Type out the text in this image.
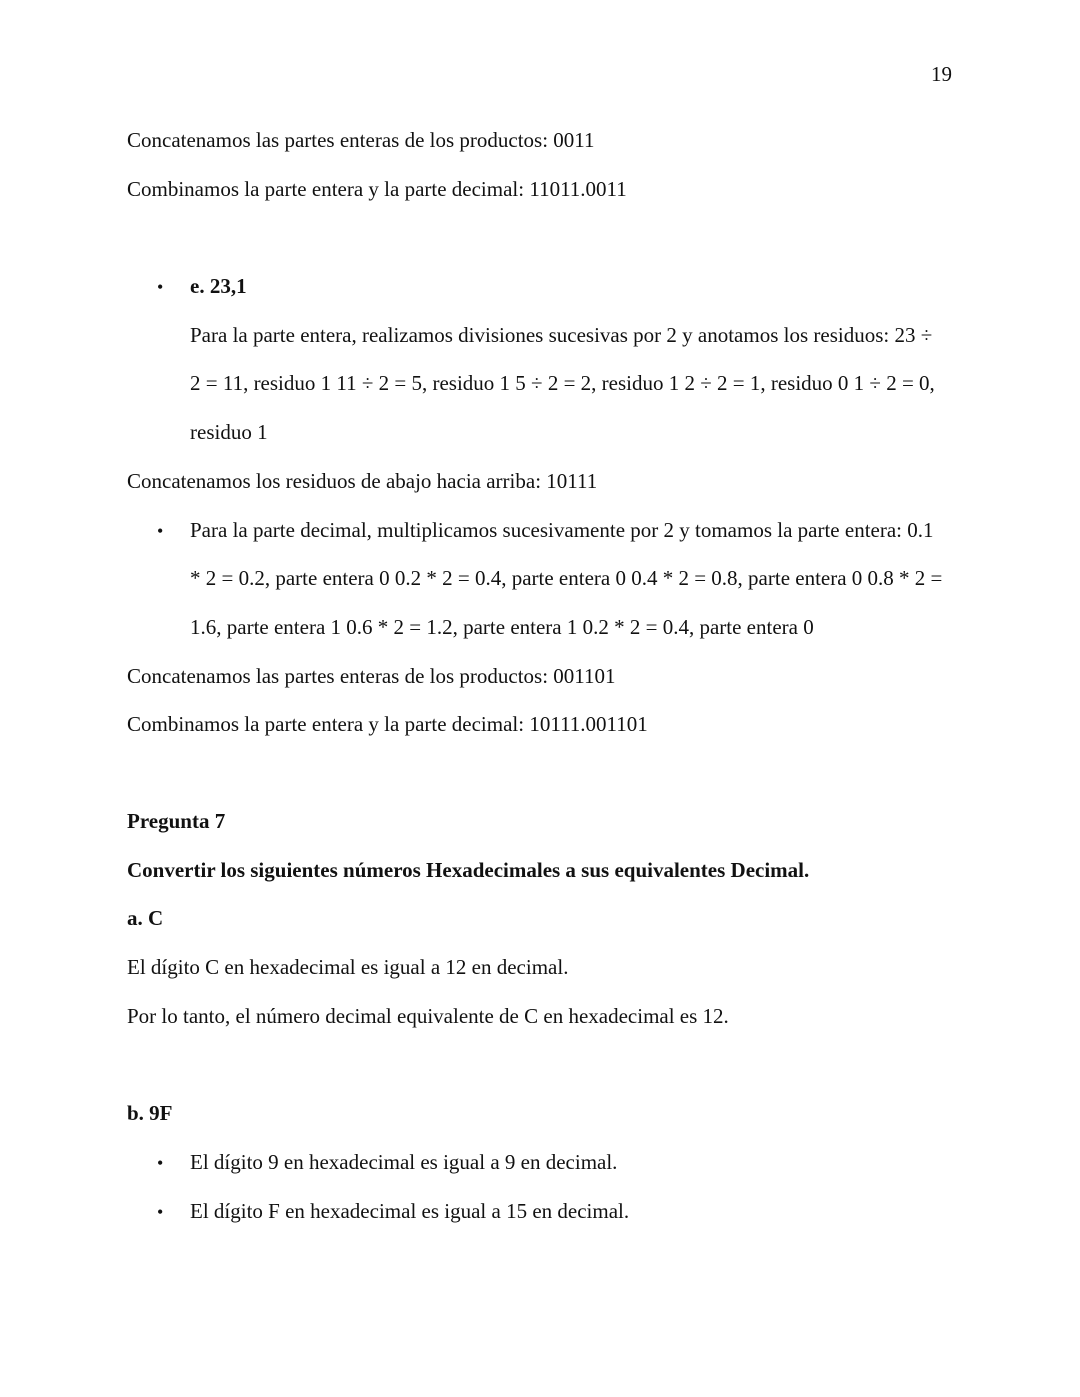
19
Concatenamos las partes enteras de los productos: 0011
Combinamos la parte entera y la parte decimal: 11011.0011
• e. 23,1
Para la parte entera, realizamos divisiones sucesivas por 2 y anotamos los residuos: 23 ÷
2 = 11, residuo 1 11 ÷ 2 = 5, residuo 1 5 ÷ 2 = 2, residuo 1 2 ÷ 2 = 1, residuo 0 1 ÷ 2 = 0,
residuo 1
Concatenamos los residuos de abajo hacia arriba: 10111
• Para la parte decimal, multiplicamos sucesivamente por 2 y tomamos la parte entera: 0.1
* 2 = 0.2, parte entera 0 0.2 * 2 = 0.4, parte entera 0 0.4 * 2 = 0.8, parte entera 0 0.8 * 2 =
1.6, parte entera 1 0.6 * 2 = 1.2, parte entera 1 0.2 * 2 = 0.4, parte entera 0
Concatenamos las partes enteras de los productos: 001101
Combinamos la parte entera y la parte decimal: 10111.001101
Pregunta 7
Convertir los siguientes números Hexadecimales a sus equivalentes Decimal.
a. C
El dígito C en hexadecimal es igual a 12 en decimal.
Por lo tanto, el número decimal equivalente de C en hexadecimal es 12.
b. 9F
• El dígito 9 en hexadecimal es igual a 9 en decimal.
• El dígito F en hexadecimal es igual a 15 en decimal.
